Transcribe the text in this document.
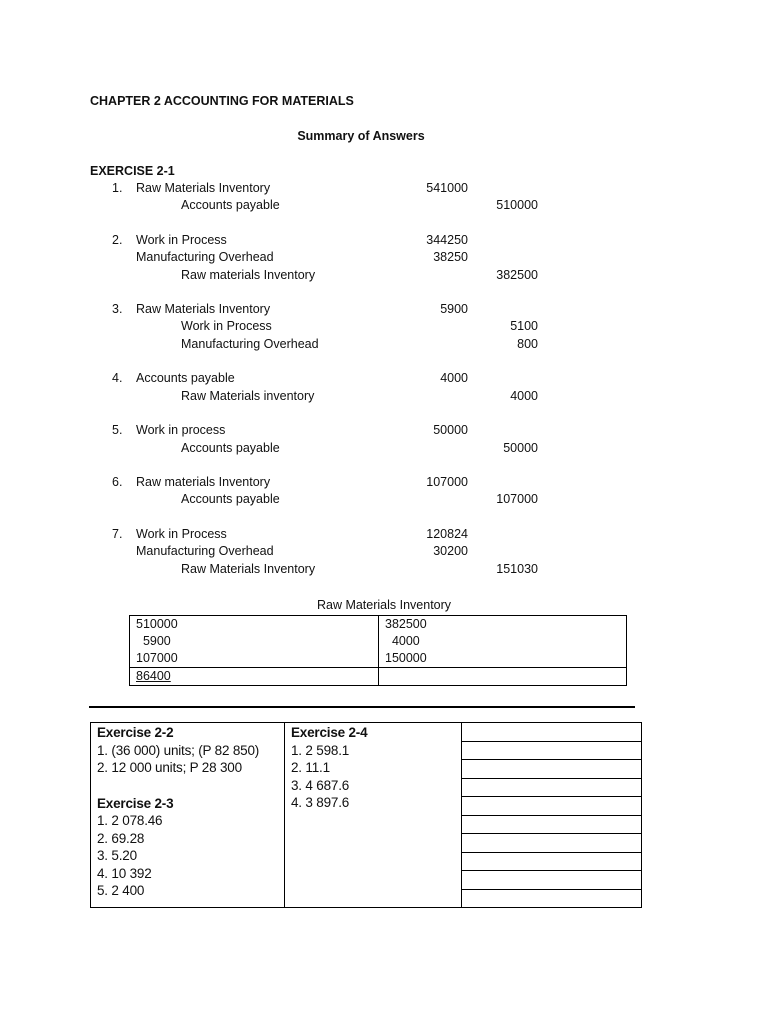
CHAPTER 2 ACCOUNTING FOR MATERIALS
Summary of Answers
EXERCISE 2-1
1. Raw Materials Inventory	541000
Accounts payable	510000
2. Work in Process	344250
Manufacturing Overhead	38250
Raw materials Inventory	382500
3. Raw Materials Inventory	5900
Work in Process	5100
Manufacturing Overhead	800
4. Accounts payable	4000
Raw Materials inventory	4000
5. Work in process	50000
Accounts payable	50000
6. Raw materials Inventory	107000
Accounts payable	107000
7. Work in Process	120824
Manufacturing Overhead	30200
Raw Materials Inventory	151030
Raw Materials Inventory
510000	382500
5900	4000
107000	150000
86400	
Exercise 2-2
1. (36 000) units; (P 82 850)
2. 12 000 units; P 28 300
Exercise 2-3
1. 2 078.46
2. 69.28
3. 5.20
4. 10 392
5. 2 400
Exercise 2-4
1. 2 598.1
2. 11.1
3. 4 687.6
4. 3 897.6
